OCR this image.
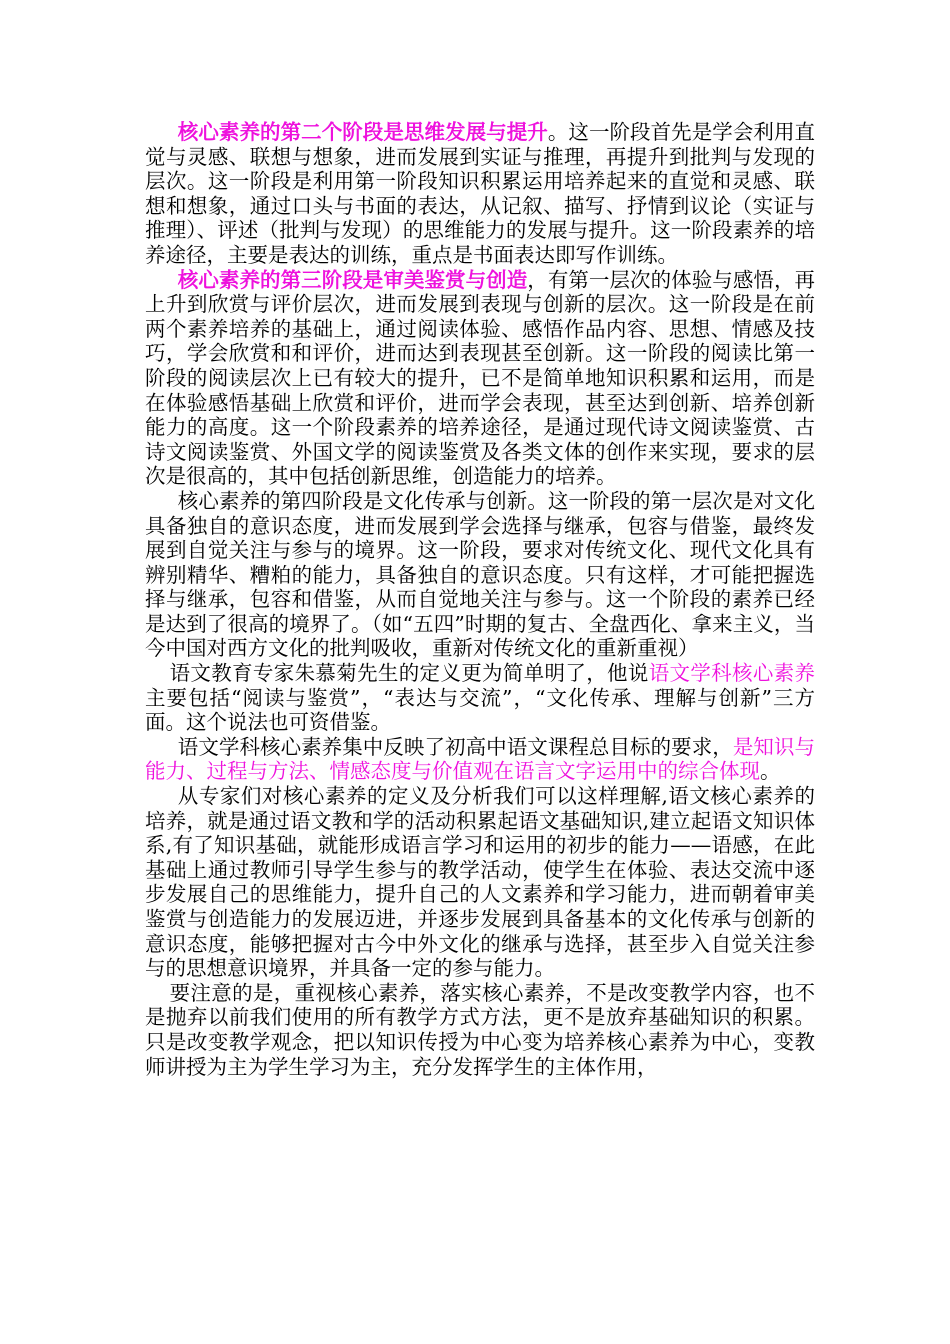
核心素养的第二个阶段是思维发展与提升。这一阶段首先是学会利用直觉与灵感、联想与想象，进而发展到实证与推理，再提升到批判与发现的层次。这一阶段是利用第一阶段知识积累运用培养起来的直觉和灵感、联想和想象，通过口头与书面的表达，从记叙、描写、抒情到议论（实证与推理）、评述（批判与发现）的思维能力的发展与提升。这一阶段素养的培养途径，主要是表达的训练，重点是书面表达即写作训练。

核心素养的第三阶段是审美鉴赏与创造，有第一层次的体验与感悟，再上升到欣赏与评价层次，进而发展到表现与创新的层次。这一阶段是在前两个素养培养的基础上，通过阅读体验、感悟作品内容、思想、情感及技巧，学会欣赏和和评价，进而达到表现甚至创新。这一阶段的阅读比第一阶段的阅读层次上已有较大的提升，已不是简单地知识积累和运用，而是在体验感悟基础上欣赏和评价，进而学会表现，甚至达到创新、培养创新能力的高度。这一个阶段素养的培养途径，是通过现代诗文阅读鉴赏、古诗文阅读鉴赏、外国文学的阅读鉴赏及各类文体的创作来实现，要求的层次是很高的，其中包括创新思维，创造能力的培养。

核心素养的第四阶段是文化传承与创新。这一阶段的第一层次是对文化具备独自的意识态度，进而发展到学会选择与继承，包容与借鉴，最终发展到自觉关注与参与的境界。这一阶段，要求对传统文化、现代文化具有辨别精华、糟粕的能力，具备独自的意识态度。只有这样，才可能把握选择与继承，包容和借鉴，从而自觉地关注与参与。这一个阶段的素养已经是达到了很高的境界了。（如“五四”时期的复古、全盘西化、拿来主义，当今中国对西方文化的批判吸收，重新对传统文化的重新重视）

语文教育专家朱慕菊先生的定义更为简单明了，他说语文学科核心素养主要包括“阅读与鉴赏”，“表达与交流”，“文化传承、理解与创新”三方面。这个说法也可资借鉴。

语文学科核心素养集中反映了初高中语文课程总目标的要求，是知识与能力、过程与方法、情感态度与价值观在语言文字运用中的综合体现。

从专家们对核心素养的定义及分析我们可以这样理解,语文核心素养的培养，就是通过语文教和学的活动积累起语文基础知识,建立起语文知识体系,有了知识基础，就能形成语言学习和运用的初步的能力——语感，在此基础上通过教师引导学生参与的教学活动，使学生在体验、表达交流中逐步发展自己的思维能力，提升自己的人文素养和学习能力，进而朝着审美鉴赏与创造能力的发展迈进，并逐步发展到具备基本的文化传承与创新的意识态度，能够把握对古今中外文化的继承与选择，甚至步入自觉关注参与的思想意识境界，并具备一定的参与能力。

要注意的是，重视核心素养，落实核心素养，不是改变教学内容，也不是抛弃以前我们使用的所有教学方式方法，更不是放弃基础知识的积累。只是改变教学观念，把以知识传授为中心变为培养核心素养为中心，变教师讲授为主为学生学习为主，充分发挥学生的主体作用，
